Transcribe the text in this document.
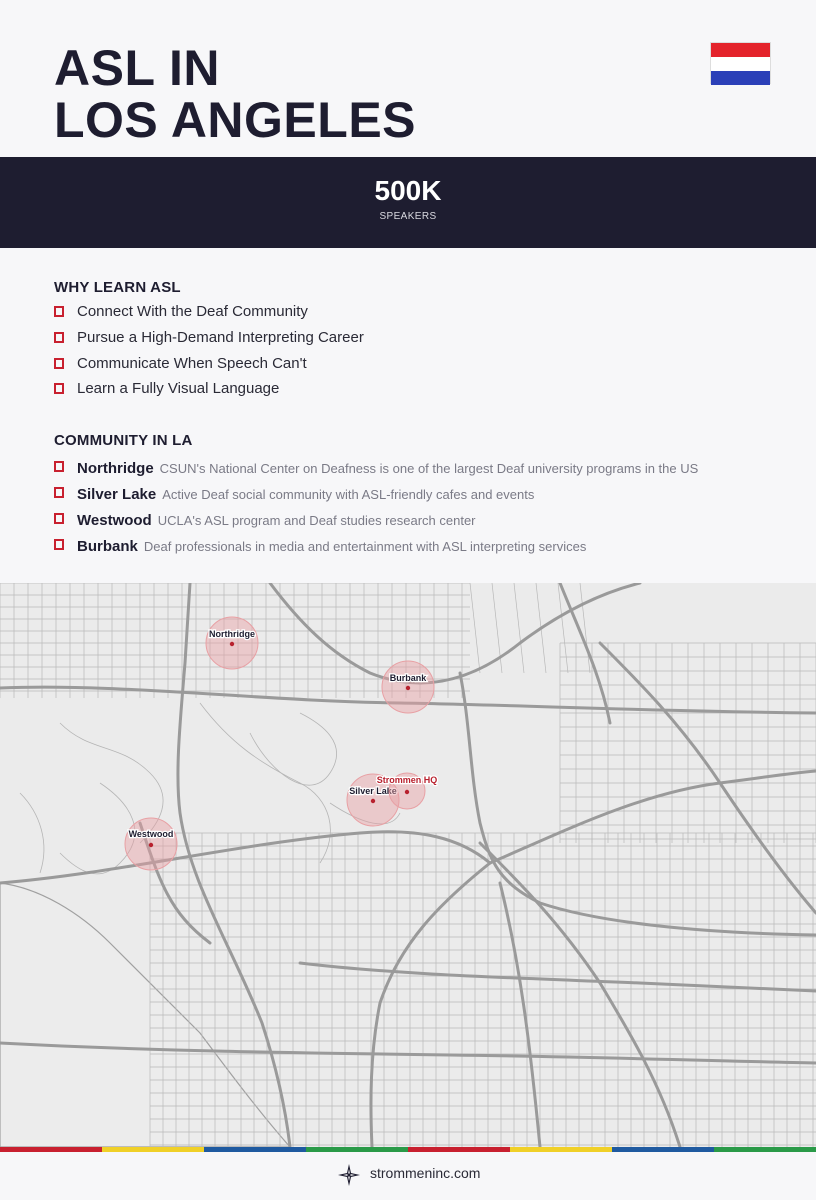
ASL IN
LOS ANGELES
500K
SPEAKERS
WHY LEARN ASL
Connect With the Deaf Community
Pursue a High-Demand Interpreting Career
Communicate When Speech Can't
Learn a Fully Visual Language
COMMUNITY IN LA
Northridge CSUN's National Center on Deafness is one of the largest Deaf university programs in the US
Silver Lake Active Deaf social community with ASL-friendly cafes and events
Westwood UCLA's ASL program and Deaf studies research center
Burbank Deaf professionals in media and entertainment with ASL interpreting services
Northridge
Burbank
Silver Lake
Westwood
Strommen HQ
strommeninc.com
